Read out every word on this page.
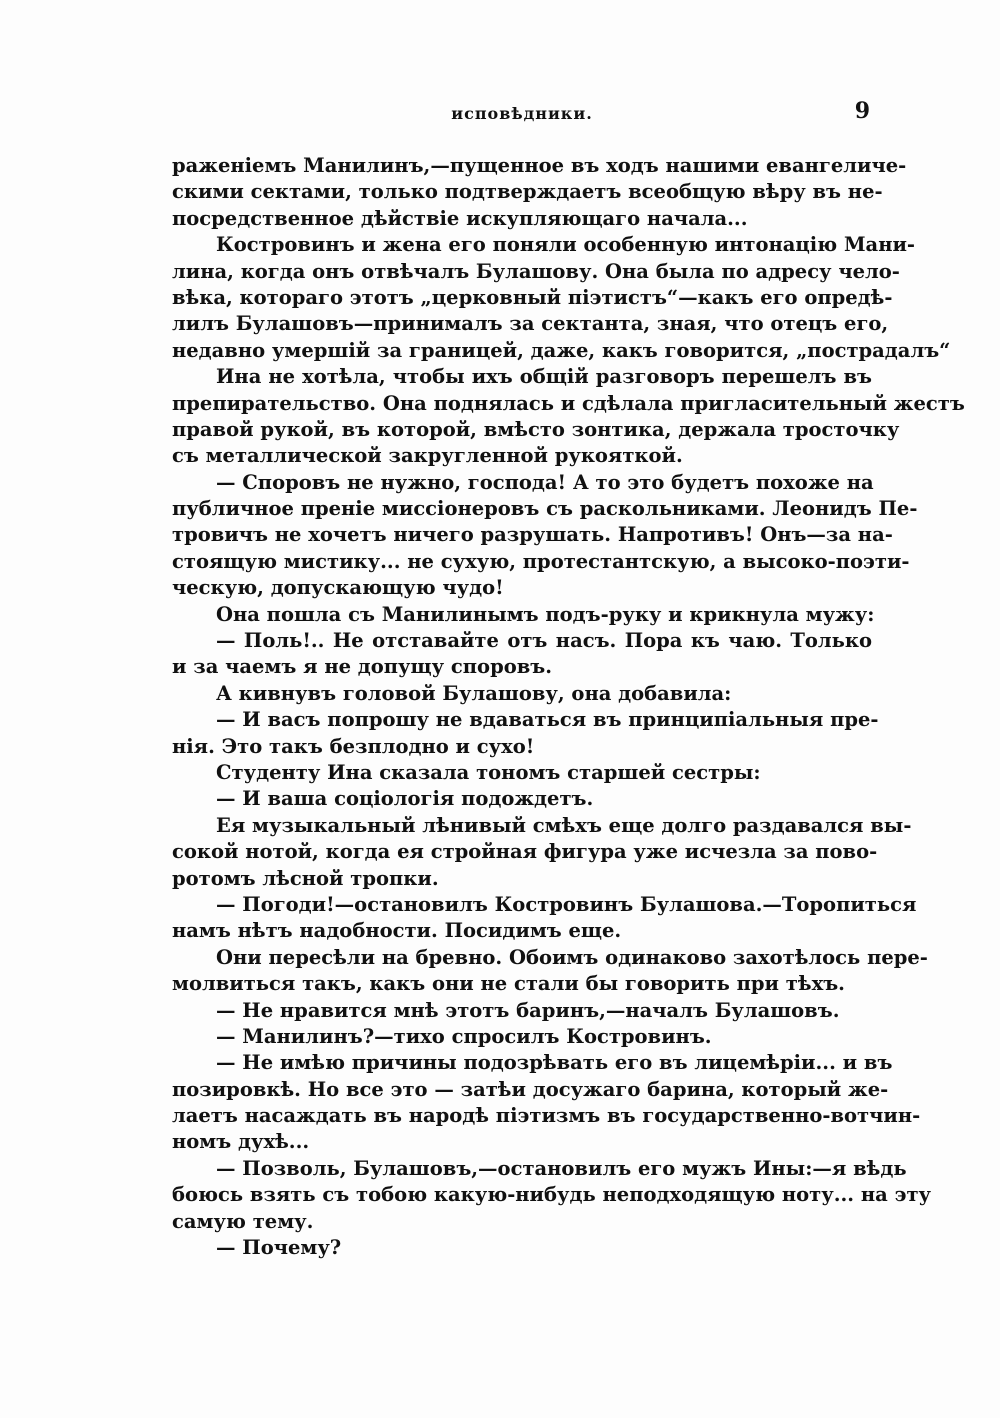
исповѣдники.	9
раженіемъ Манилинъ,—пущенное въ ходъ нашими евангеличе-
скими сектами, только подтверждаетъ всеобщую вѣру въ не-
посредственное дѣйствіе искупляющаго начала...
Костровинъ и жена его поняли особенную интонацію Мани-
лина, когда онъ отвѣчалъ Булашову. Она была по адресу чело-
вѣка, котораго этотъ „церковный піэтистъ“—какъ его опредѣ-
лилъ Булашовъ—принималъ за сектанта, зная, что отецъ его,
недавно умершій за границей, даже, какъ говорится, „пострадалъ“
Ина не хотѣла, чтобы ихъ общій разговоръ перешелъ въ
препирательство. Она поднялась и сдѣлала пригласительный жестъ
правой рукой, въ которой, вмѣсто зонтика, держала тросточку
съ металлической закругленной рукояткой.
— Споровъ не нужно, господа! А то это будетъ похоже на
публичное преніе миссіонеровъ съ раскольниками. Леонидъ Пе-
тровичъ не хочетъ ничего разрушать. Напротивъ! Онъ—за на-
стоящую мистику... не сухую, протестантскую, а высоко-поэти-
ческую, допускающую чудо!
Она пошла съ Манилинымъ подъ-руку и крикнула мужу:
— Поль!.. Не отставайте отъ насъ. Пора къ чаю. Только
и за чаемъ я не допущу споровъ.
А кивнувъ головой Булашову, она добавила:
— И васъ попрошу не вдаваться въ принципіальныя пре-
нія. Это такъ безплодно и сухо!
Студенту Ина сказала тономъ старшей сестры:
— И ваша соціологія подождетъ.
Ея музыкальный лѣнивый смѣхъ еще долго раздавался вы-
сокой нотой, когда ея стройная фигура уже исчезла за пово-
ротомъ лѣсной тропки.
— Погоди!—остановилъ Костровинъ Булашова.—Торопиться
намъ нѣтъ надобности. Посидимъ еще.
Они пересѣли на бревно. Обоимъ одинаково захотѣлось пере-
молвиться такъ, какъ они не стали бы говорить при тѣхъ.
— Не нравится мнѣ этотъ баринъ,—началъ Булашовъ.
— Манилинъ?—тихо спросилъ Костровинъ.
— Не имѣю причины подозрѣвать его въ лицемѣріи... и въ
позировкѣ. Но все это — затѣи досужаго барина, который же-
лаетъ насаждать въ народѣ піэтизмъ въ государственно-вотчин-
номъ духѣ...
— Позволь, Булашовъ,—остановилъ его мужъ Ины:—я вѣдь
боюсь взять съ тобою какую-нибудь неподходящую ноту... на эту
самую тему.
— Почему?
